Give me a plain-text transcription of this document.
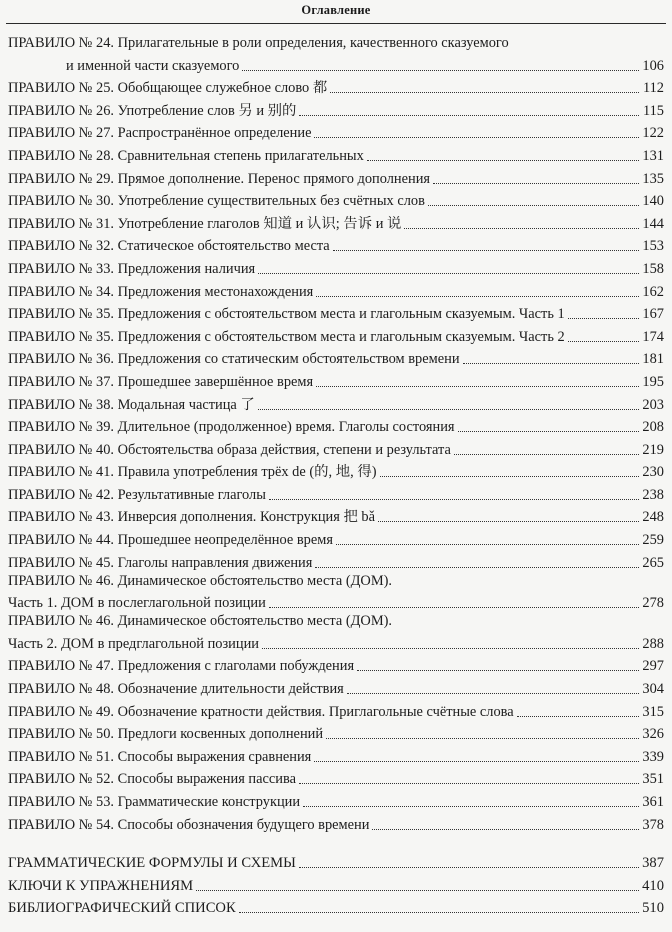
Оглавление
ПРАВИЛО № 24. Прилагательные в роли определения, качественного сказуемого
и именной части сказуемого	106
ПРАВИЛО № 25. Обобщающее служебное слово 都	112
ПРАВИЛО № 26. Употребление слов 另 и 别的	115
ПРАВИЛО № 27. Распространённое определение	122
ПРАВИЛО № 28. Сравнительная степень прилагательных	131
ПРАВИЛО № 29. Прямое дополнение. Перенос прямого дополнения	135
ПРАВИЛО № 30. Употребление существительных без счётных слов	140
ПРАВИЛО № 31. Употребление глаголов 知道 и 认识; 告诉 и 说	144
ПРАВИЛО № 32. Статическое обстоятельство места	153
ПРАВИЛО № 33. Предложения наличия	158
ПРАВИЛО № 34. Предложения местонахождения	162
ПРАВИЛО № 35. Предложения с обстоятельством места и глагольным сказуемым. Часть 1	167
ПРАВИЛО № 35. Предложения с обстоятельством места и глагольным сказуемым. Часть 2	174
ПРАВИЛО № 36. Предложения со статическим обстоятельством времени	181
ПРАВИЛО № 37. Прошедшее завершённое время	195
ПРАВИЛО № 38. Модальная частица 了	203
ПРАВИЛО № 39. Длительное (продолженное) время. Глаголы состояния	208
ПРАВИЛО № 40. Обстоятельства образа действия, степени и результата	219
ПРАВИЛО № 41. Правила употребления трёх de (的, 地, 得)	230
ПРАВИЛО № 42. Результативные глаголы	238
ПРАВИЛО № 43. Инверсия дополнения. Конструкция 把 bǎ	248
ПРАВИЛО № 44. Прошедшее неопределённое время	259
ПРАВИЛО № 45. Глаголы направления движения	265
ПРАВИЛО № 46. Динамическое обстоятельство места (ДОМ).
Часть 1. ДОМ в послеглагольной позиции	278
ПРАВИЛО № 46. Динамическое обстоятельство места (ДОМ).
Часть 2. ДОМ в предглагольной позиции	288
ПРАВИЛО № 47. Предложения с глаголами побуждения	297
ПРАВИЛО № 48. Обозначение длительности действия	304
ПРАВИЛО № 49. Обозначение кратности действия. Приглагольные счётные слова	315
ПРАВИЛО № 50. Предлоги косвенных дополнений	326
ПРАВИЛО № 51. Способы выражения сравнения	339
ПРАВИЛО № 52. Способы выражения пассива	351
ПРАВИЛО № 53. Грамматические конструкции	361
ПРАВИЛО № 54. Способы обозначения будущего времени	378
ГРАММАТИЧЕСКИЕ ФОРМУЛЫ И СХЕМЫ	387
КЛЮЧИ К УПРАЖНЕНИЯМ	410
БИБЛИОГРАФИЧЕСКИЙ СПИСОК	510
